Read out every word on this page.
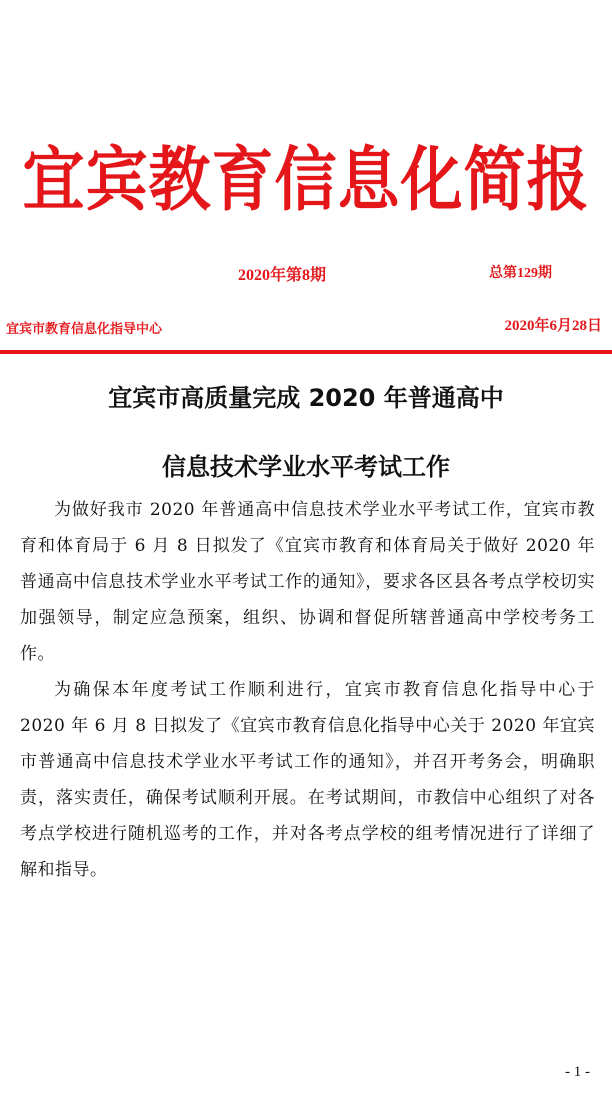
宜宾教育信息化简报
2020年第8期	总第129期
宜宾市教育信息化指导中心	2020年6月28日
宜宾市高质量完成 2020 年普通高中
信息技术学业水平考试工作

为做好我市 2020 年普通高中信息技术学业水平考试工作，宜宾市教育和体育局于 6 月 8 日拟发了《宜宾市教育和体育局关于做好 2020 年普通高中信息技术学业水平考试工作的通知》，要求各区县各考点学校切实加强领导，制定应急预案，组织、协调和督促所辖普通高中学校考务工作。

为确保本年度考试工作顺利进行，宜宾市教育信息化指导中心于 2020 年 6 月 8 日拟发了《宜宾市教育信息化指导中心关于 2020 年宜宾市普通高中信息技术学业水平考试工作的通知》，并召开考务会，明确职责，落实责任，确保考试顺利开展。在考试期间，市教信中心组织了对各考点学校进行随机巡考的工作，并对各考点学校的组考情况进行了详细了解和指导。

- 1 -
